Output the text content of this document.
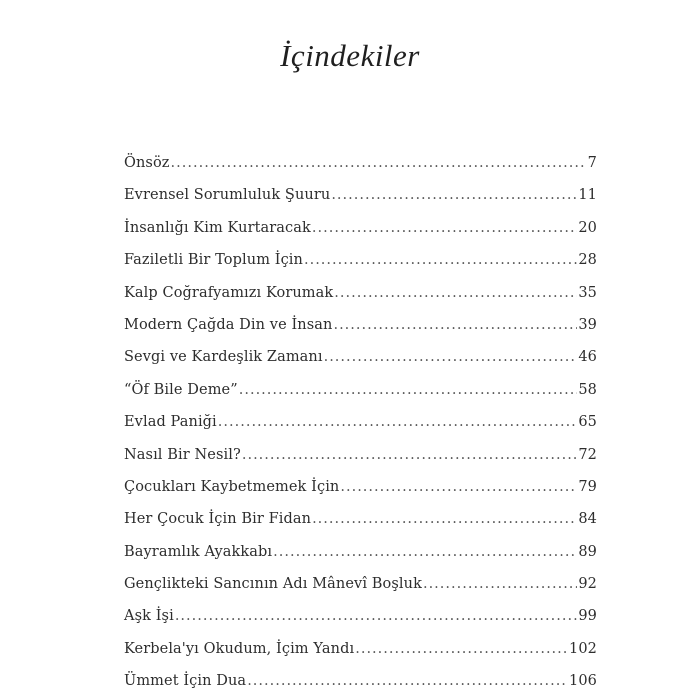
İçindekiler
Önsöz .....	7
Evrensel Sorumluluk Şuuru .....	11
İnsanlığı Kim Kurtaracak .....	20
Faziletli Bir Toplum İçin .....	28
Kalp Coğrafyamızı Korumak .....	35
Modern Çağda Din ve İnsan .....	39
Sevgi ve Kardeşlik Zamanı .....	46
“Öf Bile Deme” .....	58
Evlad Paniği .....	65
Nasıl Bir Nesil? .....	72
Çocukları Kaybetmemek İçin .....	79
Her Çocuk İçin Bir Fidan .....	84
Bayramlık Ayakkabı .....	89
Gençlikteki Sancının Adı Mânevî Boşluk .....	92
Aşk İşi .....	99
Kerbela'yı Okudum, İçim Yandı .....	102
Ümmet İçin Dua .....	106
